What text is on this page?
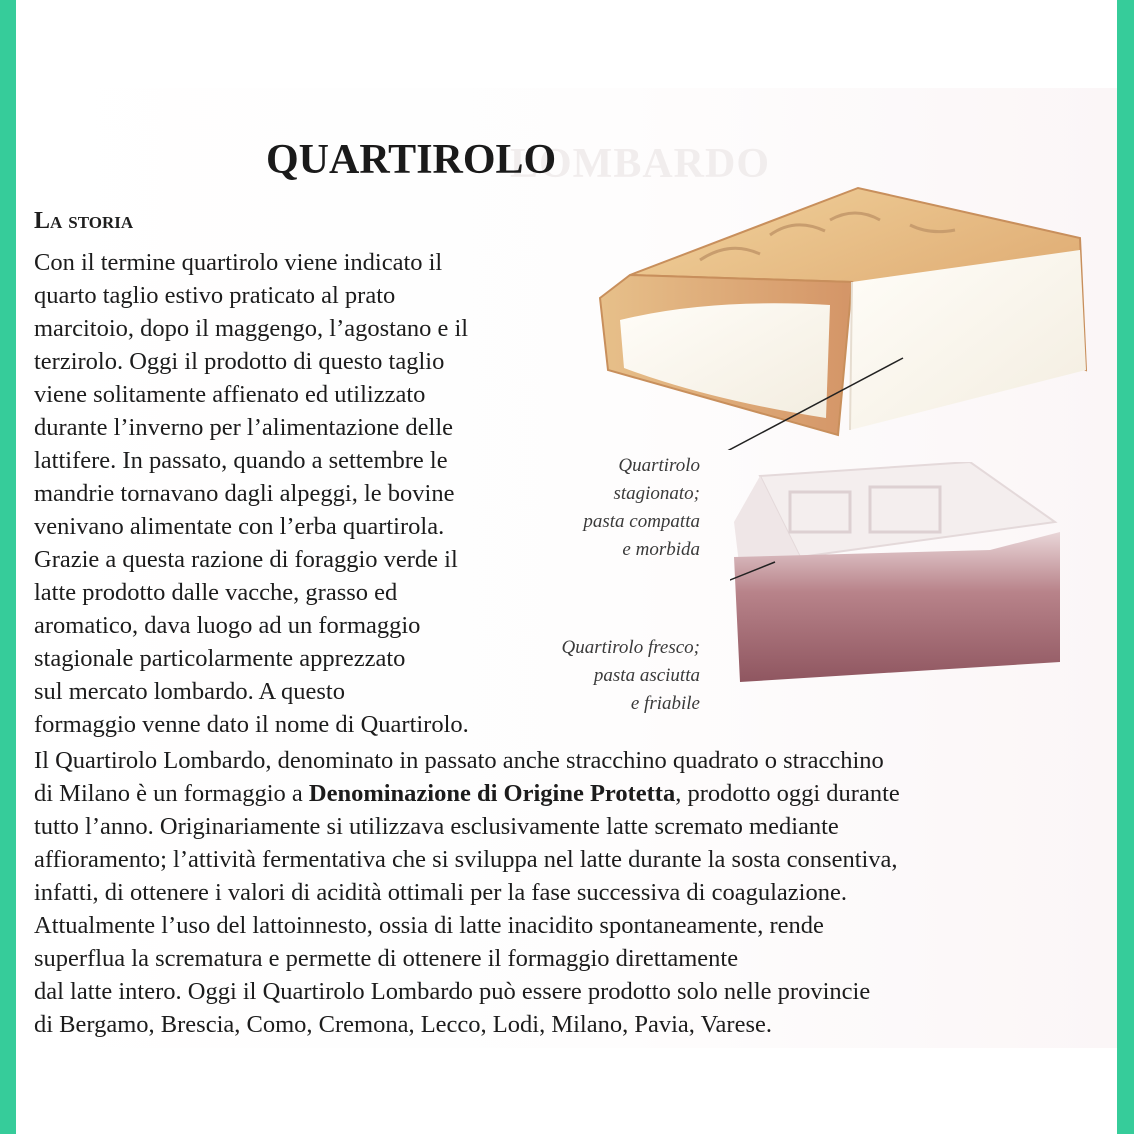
LOMBARDO
QUARTIROLO
La storia

Con il termine quartirolo viene indicato il
quarto taglio estivo praticato al prato
marcitoio, dopo il maggengo, l’agostano e il
terzirolo. Oggi il prodotto di questo taglio
viene solitamente affienato ed utilizzato
durante l’inverno per l’alimentazione delle
lattifere. In passato, quando a settembre le
mandrie tornavano dagli alpeggi, le bovine
venivano alimentate con l’erba quartirola.
Grazie a questa razione di foraggio verde il
latte prodotto dalle vacche, grasso ed
aromatico, dava luogo ad un formaggio
stagionale particolarmente apprezzato
sul mercato lombardo. A questo
formaggio venne dato il nome di Quartirolo.

Il Quartirolo Lombardo, denominato in passato anche stracchino quadrato o stracchino
di Milano è un formaggio a Denominazione di Origine Protetta, prodotto oggi durante
tutto l’anno. Originariamente si utilizzava esclusivamente latte scremato mediante
affioramento; l’attività fermentativa che si sviluppa nel latte durante la sosta consentiva,
infatti, di ottenere i valori di acidità ottimali per la fase successiva di coagulazione.
Attualmente l’uso del lattoinnesto, ossia di latte inacidito spontaneamente, rende
superflua la scrematura e permette di ottenere il formaggio direttamente
dal latte intero. Oggi il Quartirolo Lombardo può essere prodotto solo nelle provincie
di Bergamo, Brescia, Como, Cremona, Lecco, Lodi, Milano, Pavia, Varese.

Quartirolo
stagionato;
pasta compatta
e morbida
Quartirolo fresco;
pasta asciutta
e friabile
